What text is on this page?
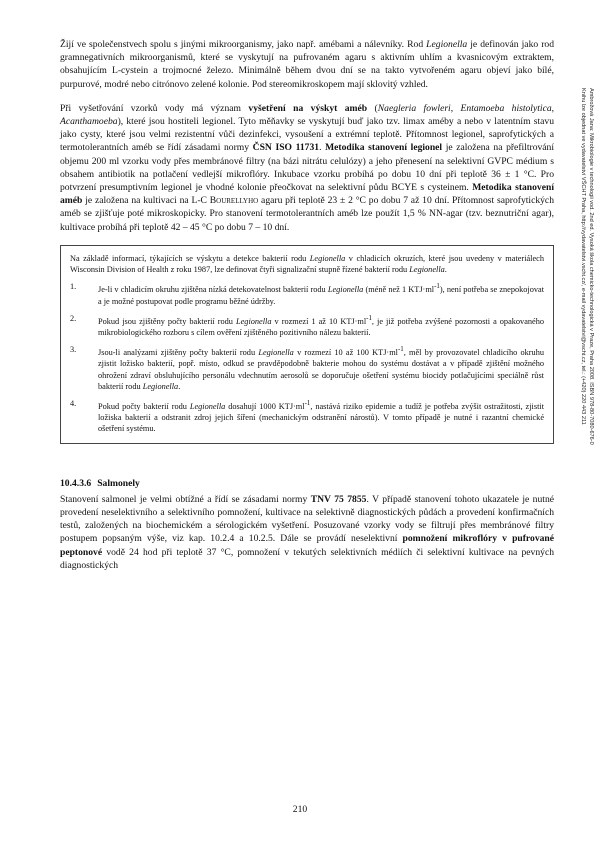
Žijí ve společenstvech spolu s jinými mikroorganismy, jako např. amébami a nálevníky. Rod Legionella je definován jako rod gramnegativních mikroorganismů, které se vyskytují na pufrovaném agaru s aktivním uhlím a kvasnicovým extraktem, obsahujícím L-cystein a trojmocné železo. Minimálně během dvou dní se na takto vytvořeném agaru objeví jako bílé, purpurové, modré nebo citrónovo zelené kolonie. Pod stereomikroskopem mají sklovitý vzhled.

Při vyšetřování vzorků vody má význam vyšetření na výskyt améb (Naegleria fowleri, Entamoeba histolytica, Acanthamoeba), které jsou hostiteli legionel. Tyto měňavky se vyskytují buď jako tzv. limax améby a nebo v latentním stavu jako cysty, které jsou velmi rezistentní vůči dezinfekci, vysoušení a extrémní teplotě. Přítomnost legionel, saprofytických a termotolerantních améb se řídí zásadami normy ČSN ISO 11731. Metodika stanovení legionel je založena na přefiltrování objemu 200 ml vzorku vody přes membránové filtry (na bázi nitrátu celulózy) a jeho přenesení na selektivní GVPC médium s obsahem antibiotik na potlačení vedlejší mikroflóry. Inkubace vzorku probíhá po dobu 10 dní při teplotě 36 ± 1 °C. Pro potvrzení presumptivním legionel je vhodné kolonie přeočkovat na selektivní půdu BCYE s cysteinem. Metodika stanovení améb je založena na kultivaci na L-C Bourellyho agaru při teplotě 23 ± 2 °C po dobu 7 až 10 dní. Přítomnost saprofytických améb se zjišťuje poté mikroskopicky. Pro stanovení termotolerantních améb lze použít 1,5 % NN-agar (tzv. beznutriční agar), kultivace probíhá při teplotě 42 – 45 °C po dobu 7 – 10 dní.

Na základě informací, týkajících se výskytu a detekce bakterií rodu Legionella v chladicích okruzích, které jsou uvedeny v materiálech Wisconsin Division of Health z roku 1987, lze definovat čtyři signalizační stupně řízené bakterií rodu Legionella.

1.	Je-li v chladicím okruhu zjištěna nízká detekovatelnost bakterií rodu Legionella (méně než 1 $KTJ\cdot ml^{-1}$), není potřeba se znepokojovat a je možné postupovat podle programu běžné údržby.
2.	Pokud jsou zjištěny počty bakterií rodu Legionella v rozmezí 1 až 10 $KTJ\cdot ml^{-1}$, je již potřeba zvýšené pozornosti a opakovaného mikrobiologického rozboru s cílem ověření zjištěného pozitivního nálezu bakterií.
3.	Jsou-li analýzami zjištěny počty bakterií rodu Legionella v rozmezí 10 až 100 $KTJ\cdot ml^{-1}$, měl by provozovatel chladicího okruhu zjistit ložisko bakterií, popř. místo, odkud se pravděpodobně bakterie mohou do systému dostávat a v případě zjištění možného ohrožení zdraví obsluhujícího personálu vdechnutím aerosolů se doporučuje ošetření systému biocidy potlačujícími speciálně růst bakterií rodu Legionella.
4.	Pokud počty bakterií rodu Legionella dosahují 1000 $KTJ\cdot ml^{-1}$, nastává riziko epidemie a tudíž je potřeba zvýšit ostražitosti, zjistit ložiska bakterií a odstranit zdroj jejich šíření (mechanickým odstranění nárostů). V tomto případě je nutné i razantní chemické ošetření systému.
10.4.3.6 Salmonely

Stanovení salmonel je velmi obtížné a řídí se zásadami normy TNV 75 7855. V případě stanovení tohoto ukazatele je nutné provedení neselektivního a selektivního pomnožení, kultivace na selektivně diagnostických půdách a provedení konfirmačních testů, založených na biochemickém a sérologickém vyšetření. Posuzované vzorky vody se filtrují přes membránové filtry postupem popsaným výše, viz kap. 10.2.4 a 10.2.5. Dále se provádí neselektivní pomnožení mikroflóry v pufrované peptonové vodě 24 hod při teplotě 37 °C, pomnožení v tekutých selektivních médiích či selektivní kultivace na pevných diagnostických

Ambrožová Jana: Mikrobiologie v technologii vod. 2nd ed. Vysoká škola chemicko-technologická v Praze, Praha 2008. ISBN 978-80-7080-676-0
Knihu lze objednat ve vydavatelství VŠCHT Praha, http://vydavatelstvi.vscht.cz/, e-mail vydavatelstvi@vscht.cz, tel.: (+420) 220 443 211
210
